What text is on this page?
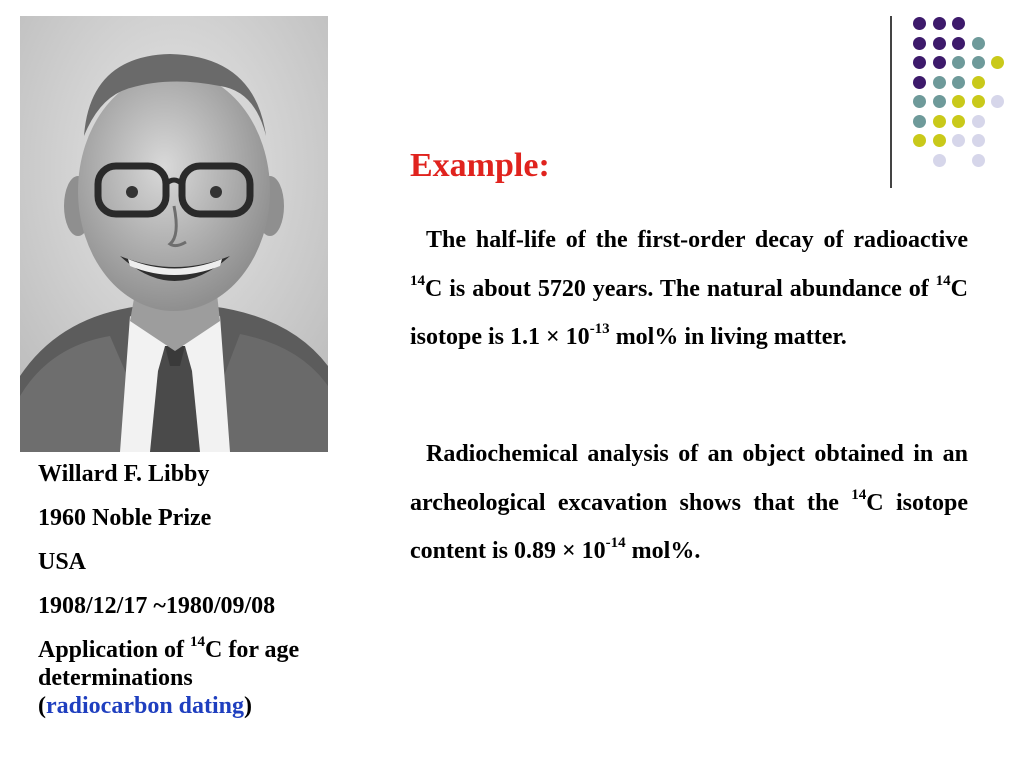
Willard F. Libby

1960 Noble Prize

USA

1908/12/17 ~1980/09/08

Application of $^{14}$C for age

determinations

(radiocarbon dating)

Example:

The half-life of the first-order decay of radioactive $^{14}$C is about 5720 years. The natural abundance of $^{14}$C isotope is $1.1 \times 10^{-13}$ mol% in living matter.

Radiochemical analysis of an object obtained in an archeological excavation shows that the $^{14}$C isotope content is $0.89 \times 10^{-14}$ mol%.
